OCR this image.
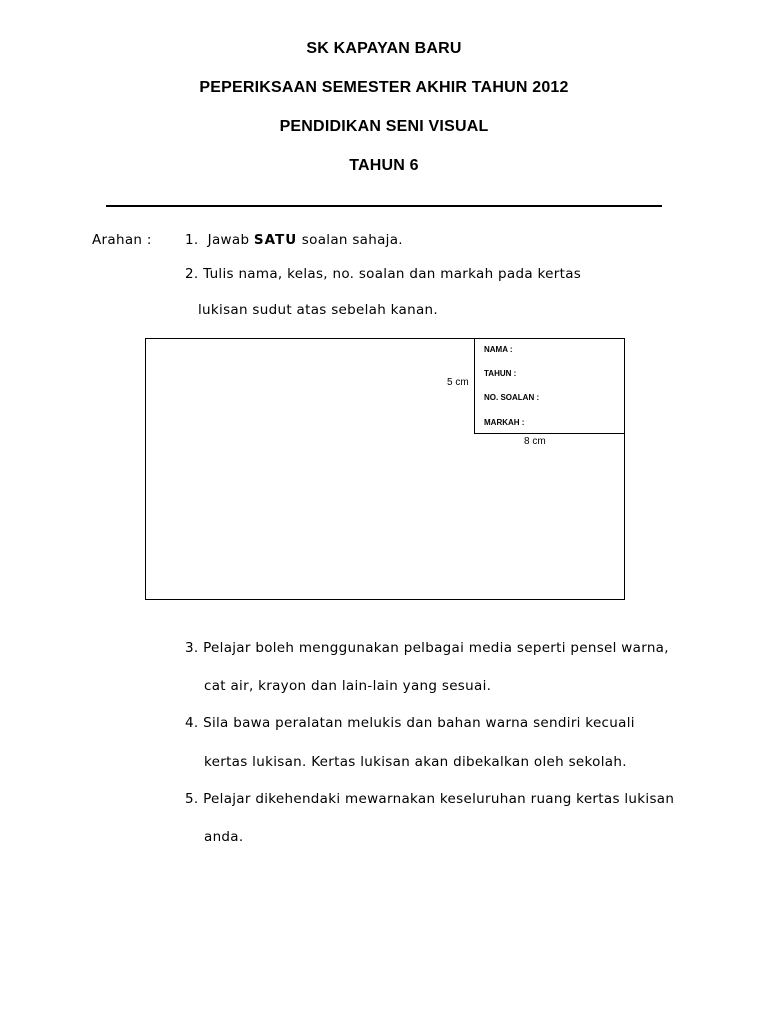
SK KAPAYAN BARU
PEPERIKSAAN SEMESTER AKHIR TAHUN 2012
PENDIDIKAN SENI VISUAL
TAHUN 6
Arahan : 1. Jawab SATU soalan sahaja.
2. Tulis nama, kelas, no. soalan dan markah pada kertas
lukisan sudut atas sebelah kanan.
NAMA :
TAHUN :
NO. SOALAN :
MARKAH :
5 cm
8 cm
3. Pelajar boleh menggunakan pelbagai media seperti pensel warna,
cat air, krayon dan lain-lain yang sesuai.
4. Sila bawa peralatan melukis dan bahan warna sendiri kecuali
kertas lukisan. Kertas lukisan akan dibekalkan oleh sekolah.
5. Pelajar dikehendaki mewarnakan keseluruhan ruang kertas lukisan
anda.
